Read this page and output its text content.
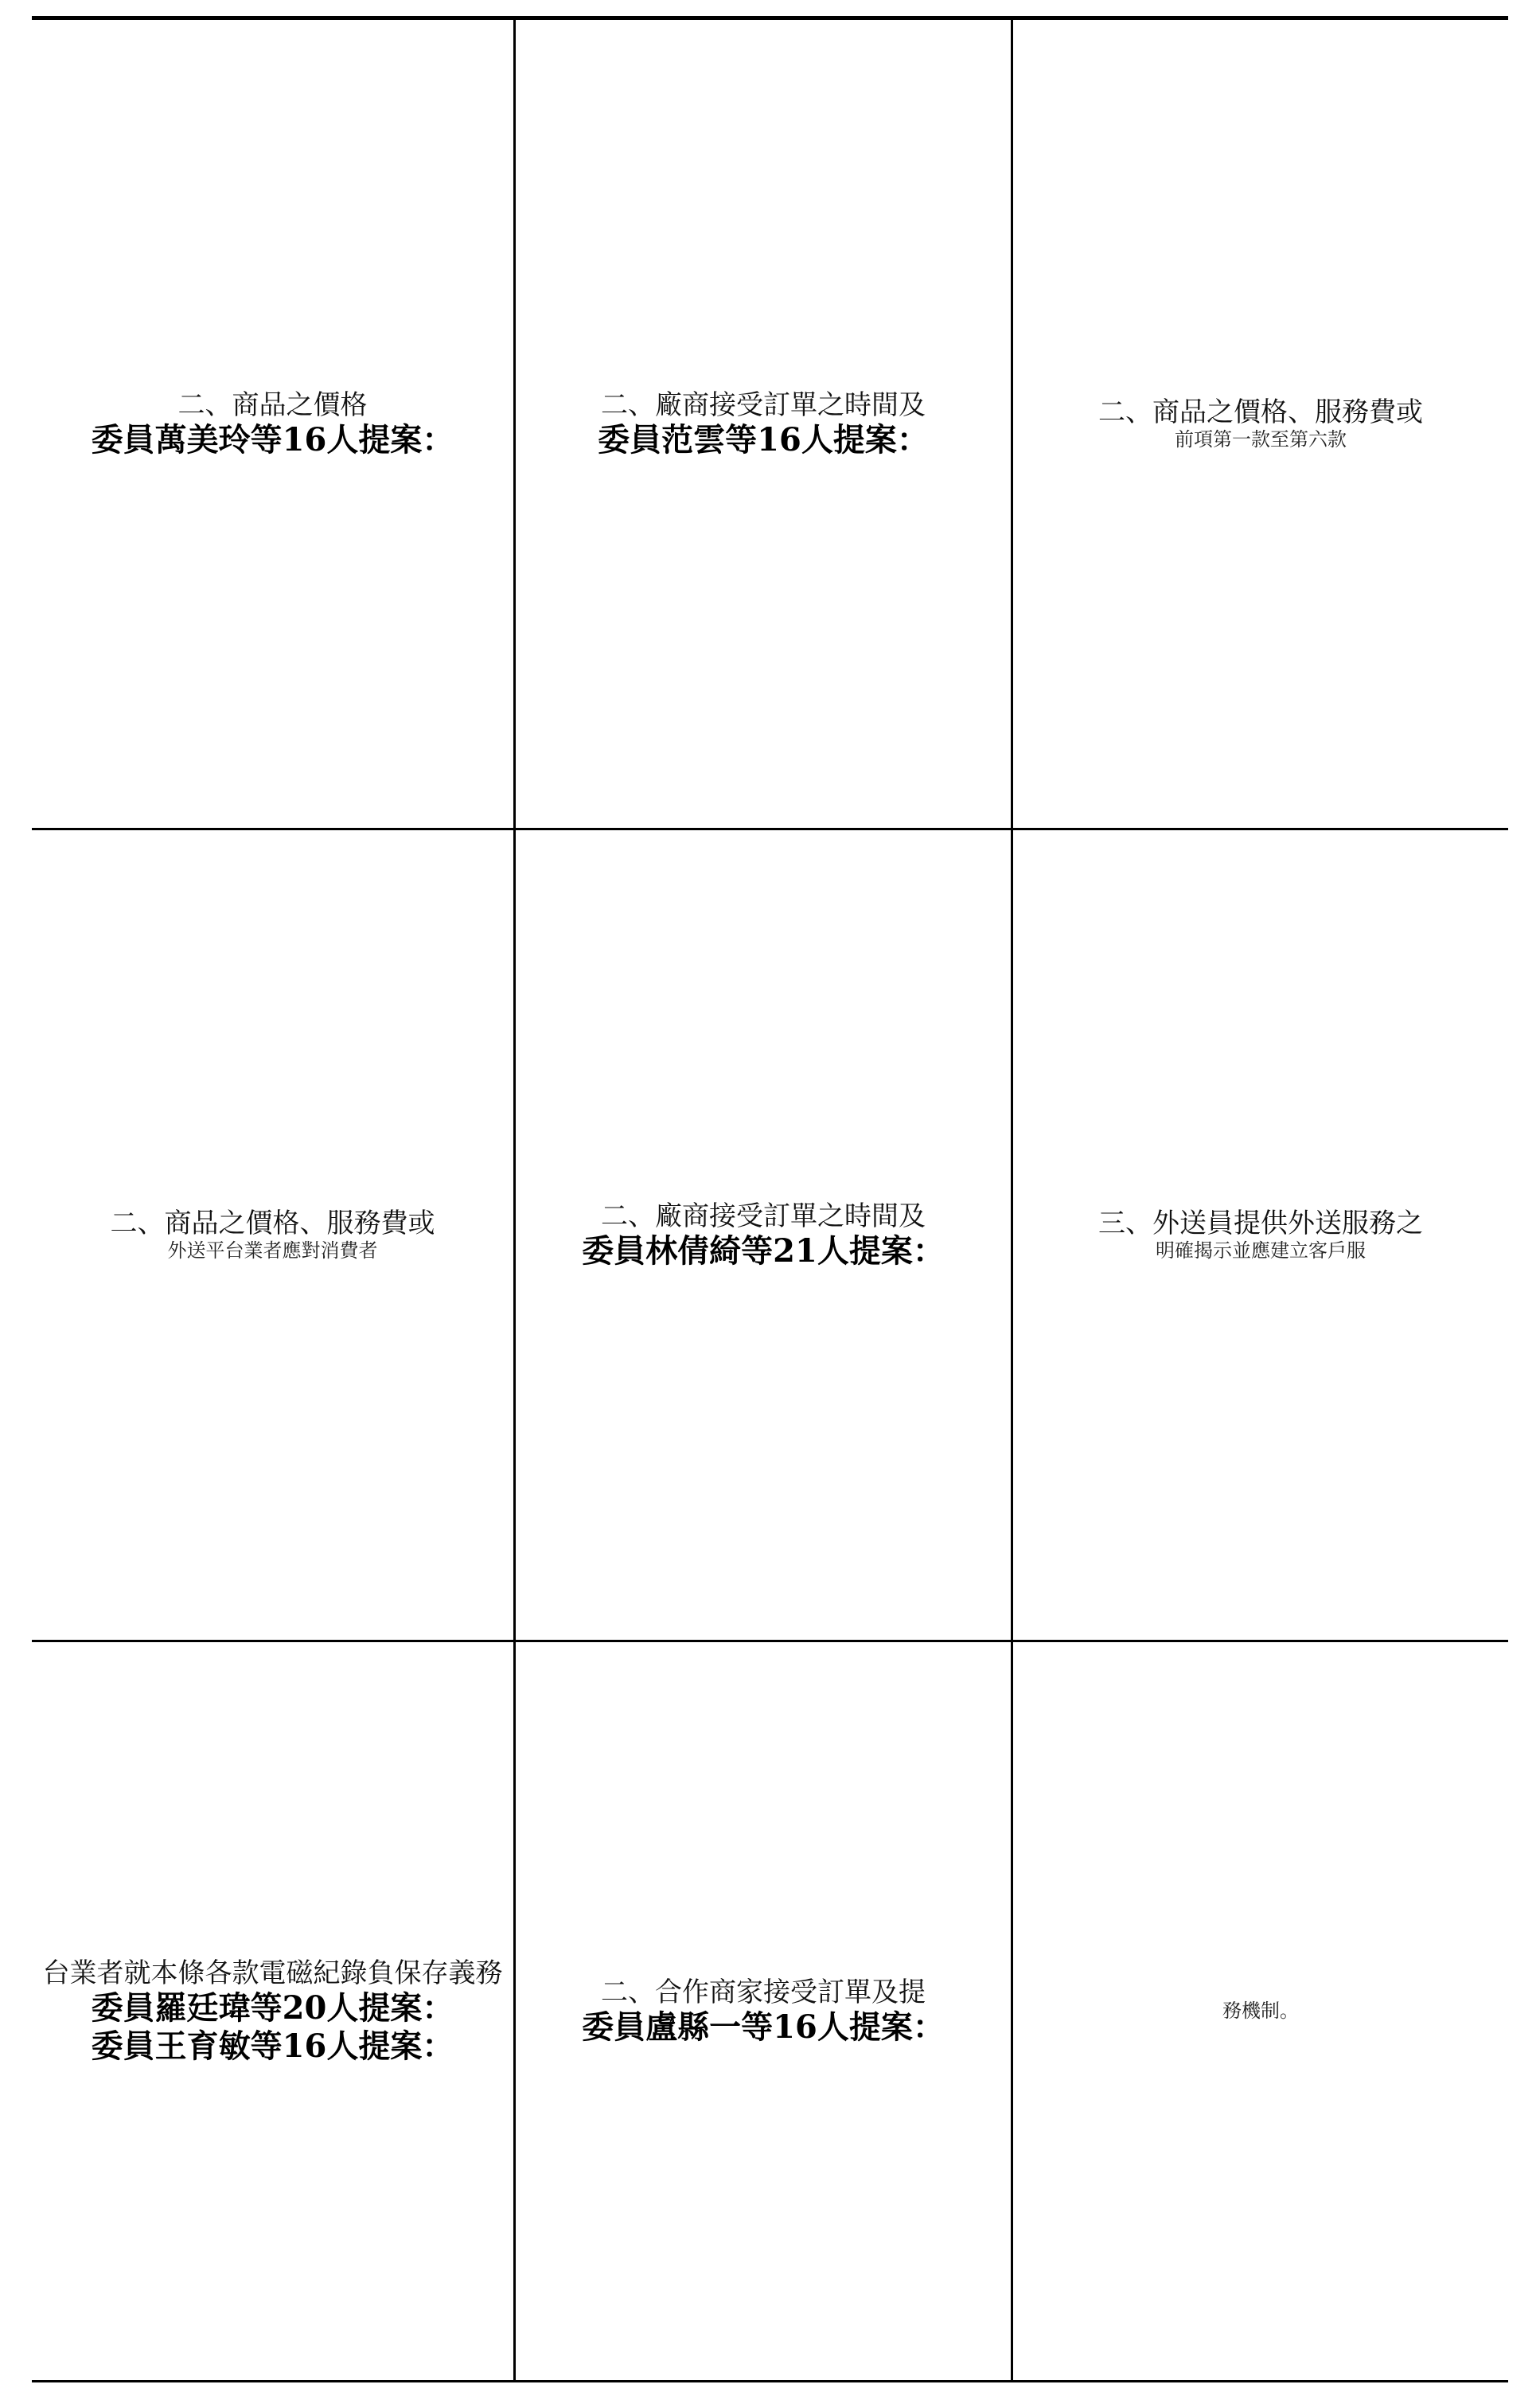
二、商品之價格
委員萬美玲等16人提案：
二、廠商接受訂單之時間及
委員范雲等16人提案：
二、商品之價格、服務費或
前項第一款至第六款
二、商品之價格、服務費或
外送平台業者應對消費者
二、廠商接受訂單之時間及
委員林倩綺等21人提案：
三、外送員提供外送服務之
明確揭示並應建立客戶服
台業者就本條各款電磁紀錄負保存義務
委員羅廷瑋等20人提案：
委員王育敏等16人提案：
二、合作商家接受訂單及提
委員盧縣一等16人提案：	務機制。
